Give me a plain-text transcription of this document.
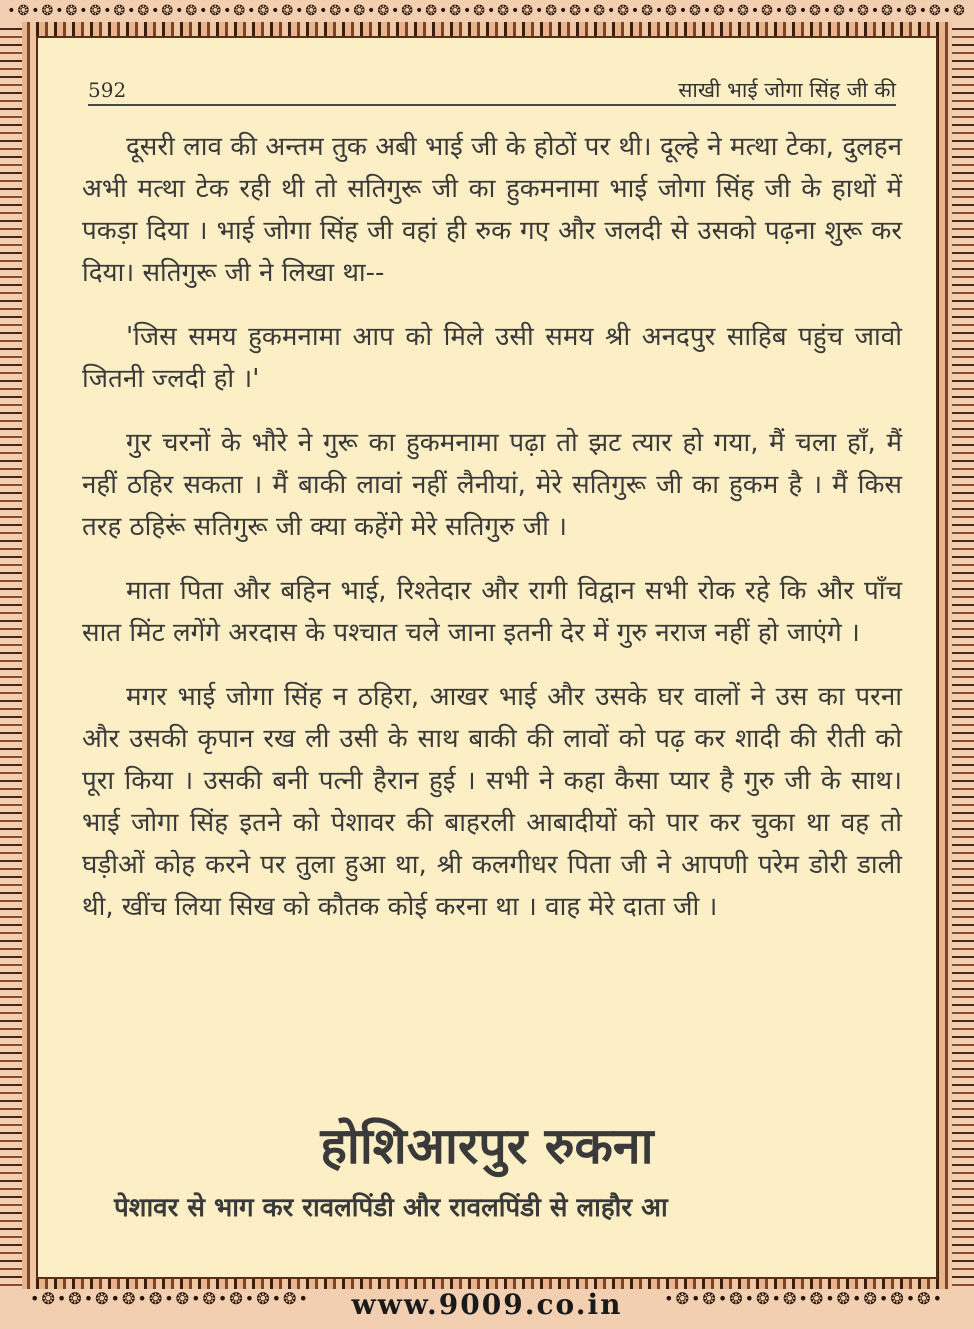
•❂•❂•❂•❂•❂•❂•❂•❂•❂•❂•❂•❂•❂•❂•❂•❂•❂•❂•❂•❂•❂•❂•❂•❂•❂•❂•❂•❂•❂•❂•❂•❂•❂•❂•❂•❂•❂•❂•❂•❂
•❂•❂•❂•❂•❂•❂•❂•❂•❂•❂•	•❂•❂•❂•❂•❂•❂•❂•❂•❂•❂•
www.9009.co.in
592	साखी भाई जोगा सिंह जी की

दूसरी लाव की अन्तम तुक अबी भाई जी के होठों पर थी। दूल्हे ने मत्था टेका, दुलहन अभी मत्था टेक रही थी तो सतिगुरू जी का हुकमनामा भाई जोगा सिंह जी के हाथों में पकड़ा दिया । भाई जोगा सिंह जी वहां ही रुक गए और जलदी से उसको पढ़ना शुरू कर दिया। सतिगुरू जी ने लिखा था--

'जिस समय हुकमनामा आप को मिले उसी समय श्री अनदपुर साहिब पहुंच जावो जितनी ज्लदी हो ।'

गुर चरनों के भौरे ने गुरू का हुकमनामा पढ़ा तो झट त्यार हो गया, मैं चला हाँ, मैं नहीं ठहिर सकता । मैं बाकी लावां नहीं लैनीयां, मेरे सतिगुरू जी का हुकम है । मैं किस तरह ठहिरूं सतिगुरू जी क्या कहेंगे मेरे सतिगुरु जी ।

माता पिता और बहिन भाई, रिश्तेदार और रागी विद्वान सभी रोक रहे कि और पाँच सात मिंट लगेंगे अरदास के पश्चात चले जाना इतनी देर में गुरु नराज नहीं हो जाएंगे ।

मगर भाई जोगा सिंह न ठहिरा, आखर भाई और उसके घर वालों ने उस का परना और उसकी कृपान रख ली उसी के साथ बाकी की लावों को पढ़ कर शादी की रीती को पूरा किया । उसकी बनी पत्नी हैरान हुई । सभी ने कहा कैसा प्यार है गुरु जी के साथ। भाई जोगा सिंह इतने को पेशावर की बाहरली आबादीयों को पार कर चुका था वह तो घड़ीओं कोह करने पर तुला हुआ था, श्री कलगीधर पिता जी ने आपणी परेम डोरी डाली थी, खींच लिया सिख को कौतक कोई करना था । वाह मेरे दाता जी ।

होशिआरपुर रुकना
पेशावर से भाग कर रावलपिंडी और रावलपिंडी से लाहौर आ
